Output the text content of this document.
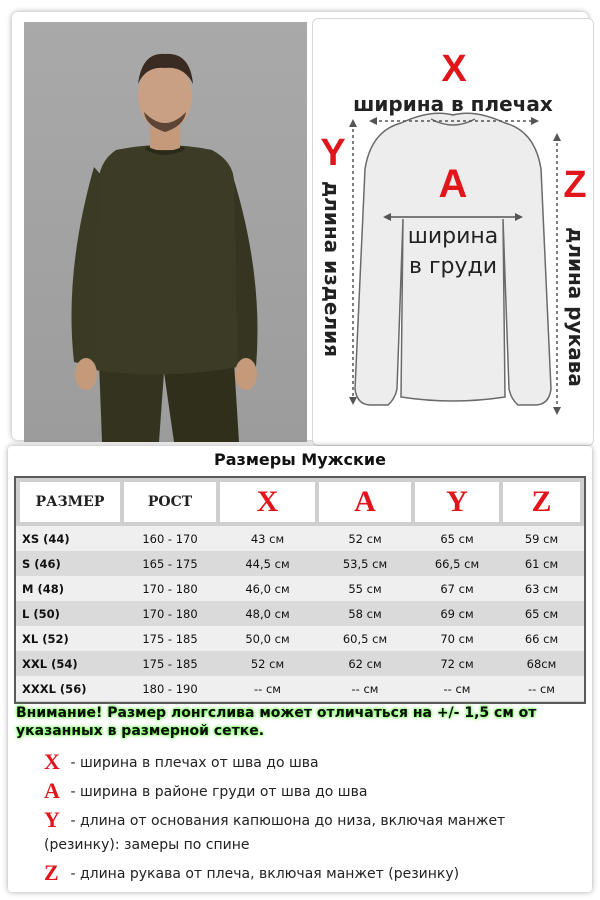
X
ширина в плечах
Y
длина изделия A
ширина
в груди
Z
длина рукава
Размеры Мужские
РАЗМЕР	РОСТ	X	A	Y	Z
XS (44)	160 - 170	43 см	52 см	65 см	59 см
S (46)	165 - 175	44,5 см	53,5 см	66,5 см	61 см
M (48)	170 - 180	46,0 см	55 см	67 см	63 см
L (50)	170 - 180	48,0 см	58 см	69 см	65 см
XL (52)	175 - 185	50,0 см	60,5 см	70 см	66 см
XXL (54)	175 - 185	52 см	62 см	72 см	68см
XXXL (56)	180 - 190	-- см	-- см	-- см	-- см
Внимание! Размер лонгслива может отличаться на +/- 1,5 см от указанных в размерной сетке.
X - ширина в плечах от шва до шва
A - ширина в районе груди от шва до шва
Y - длина от основания капюшона до низа, включая манжет (резинку): замеры по спине
Z - длина рукава от плеча, включая манжет (резинку)
